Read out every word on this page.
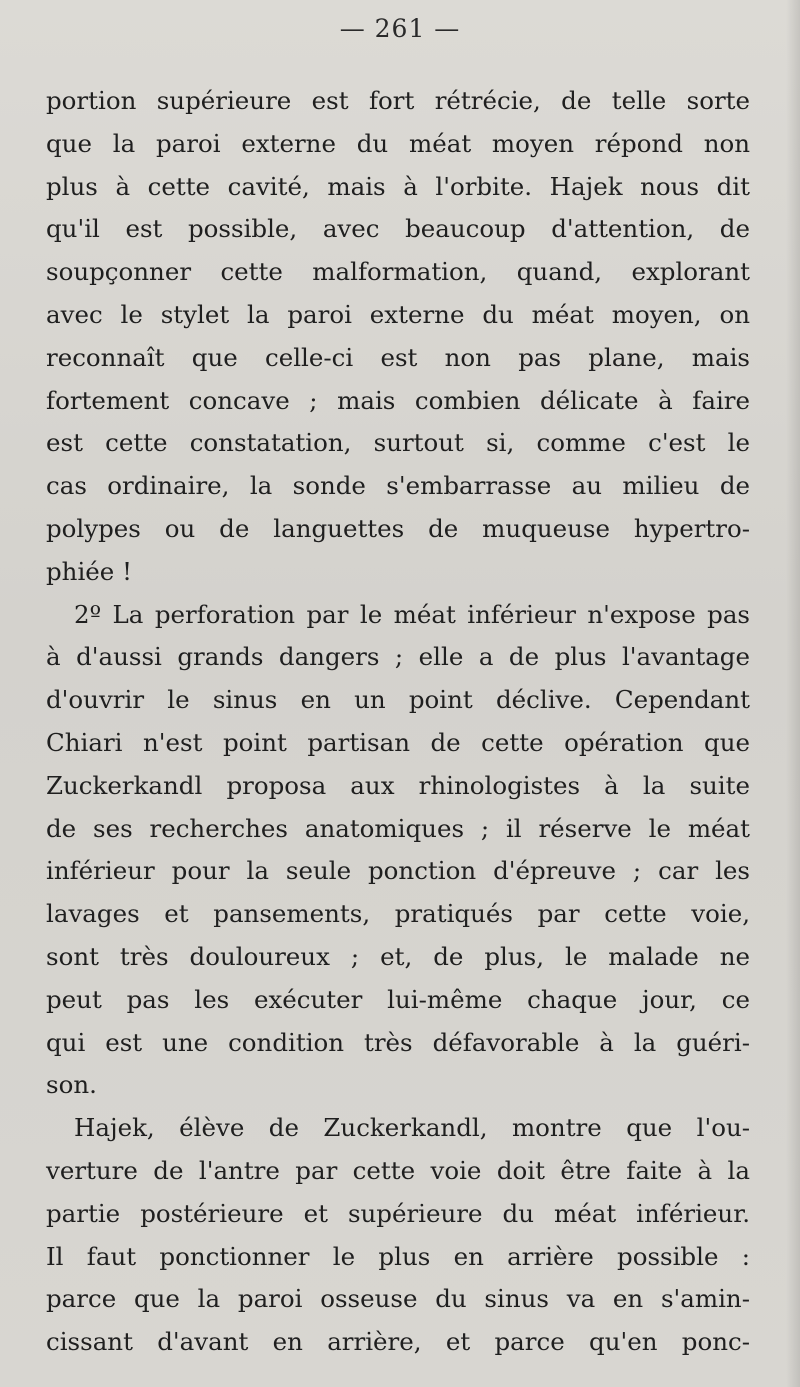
— 261 —
portion supérieure est fort rétrécie, de telle sorte
que la paroi externe du méat moyen répond non
plus à cette cavité, mais à l'orbite. Hajek nous dit
qu'il est possible, avec beaucoup d'attention, de
soupçonner cette malformation, quand, explorant
avec le stylet la paroi externe du méat moyen, on
reconnaît que celle-ci est non pas plane, mais
fortement concave ; mais combien délicate à faire
est cette constatation, surtout si, comme c'est le
cas ordinaire, la sonde s'embarrasse au milieu de
polypes ou de languettes de muqueuse hypertro-
phiée !
2º La perforation par le méat inférieur n'expose pas
à d'aussi grands dangers ; elle a de plus l'avantage
d'ouvrir le sinus en un point déclive. Cependant
Chiari n'est point partisan de cette opération que
Zuckerkandl proposa aux rhinologistes à la suite
de ses recherches anatomiques ; il réserve le méat
inférieur pour la seule ponction d'épreuve ; car les
lavages et pansements, pratiqués par cette voie,
sont très douloureux ; et, de plus, le malade ne
peut pas les exécuter lui-même chaque jour, ce
qui est une condition très défavorable à la guéri-
son.
Hajek, élève de Zuckerkandl, montre que l'ou-
verture de l'antre par cette voie doit être faite à la
partie postérieure et supérieure du méat inférieur.
Il faut ponctionner le plus en arrière possible :
parce que la paroi osseuse du sinus va en s'amin-
cissant d'avant en arrière, et parce qu'en ponc-
